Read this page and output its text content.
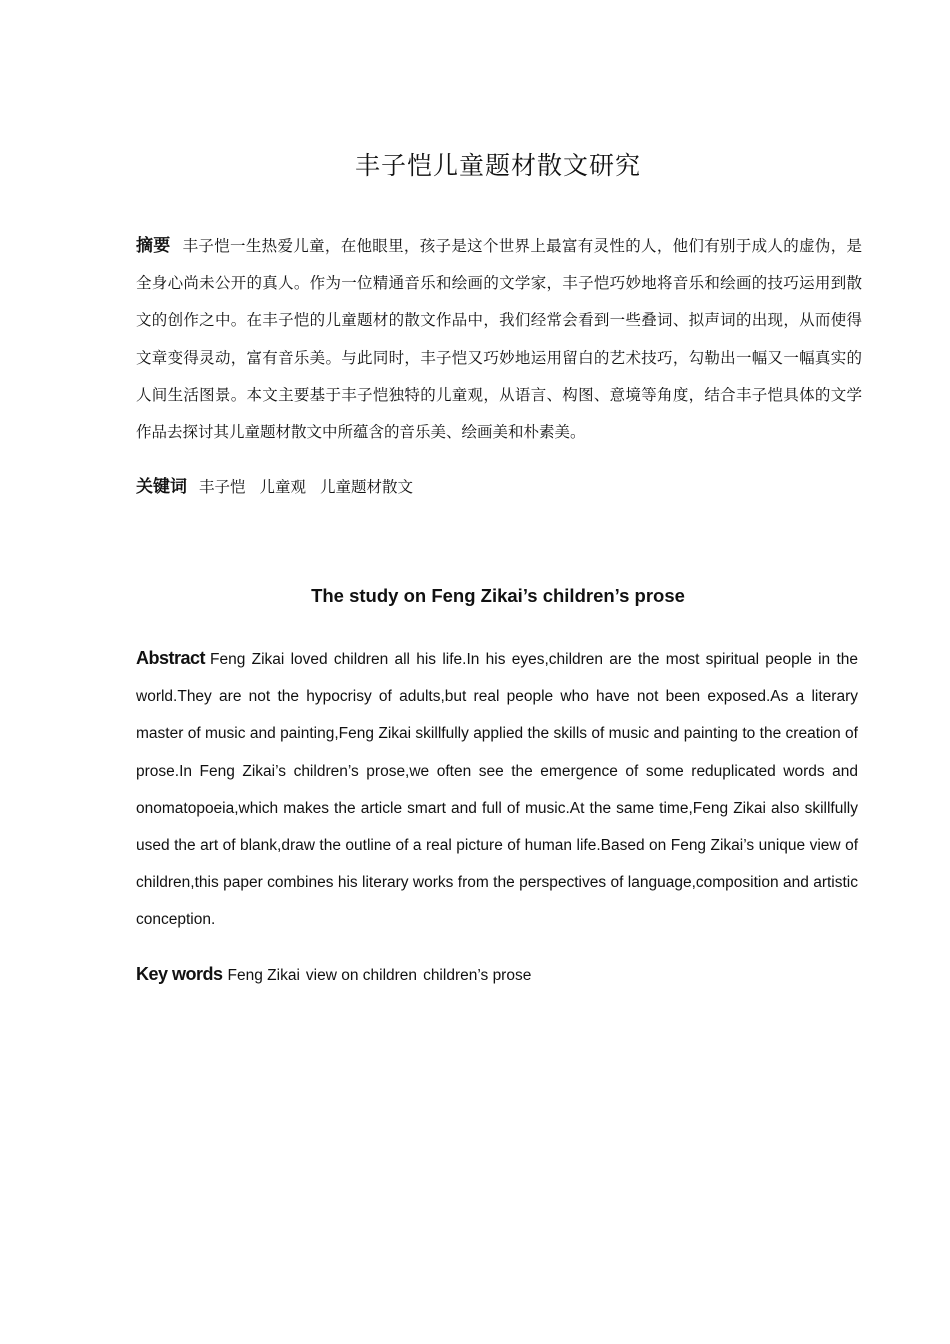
丰子恺儿童题材散文研究

摘要 丰子恺一生热爱儿童，在他眼里，孩子是这个世界上最富有灵性的人，他们有别于成人的虚伪，是全身心尚未公开的真人。作为一位精通音乐和绘画的文学家，丰子恺巧妙地将音乐和绘画的技巧运用到散文的创作之中。在丰子恺的儿童题材的散文作品中，我们经常会看到一些叠词、拟声词的出现，从而使得文章变得灵动，富有音乐美。与此同时，丰子恺又巧妙地运用留白的艺术技巧，勾勒出一幅又一幅真实的人间生活图景。本文主要基于丰子恺独特的儿童观，从语言、构图、意境等角度，结合丰子恺具体的文学作品去探讨其儿童题材散文中所蕴含的音乐美、绘画美和朴素美。

关键词 丰子恺 儿童观 儿童题材散文

The study on Feng Zikai’s children’s prose

Abstract Feng Zikai loved children all his life.In his eyes,children are the most spiritual people in the world.They are not the hypocrisy of adults,but real people who have not been exposed.As a literary master of music and painting,Feng Zikai skillfully applied the skills of music and painting to the creation of prose.In Feng Zikai’s children’s prose,we often see the emergence of some reduplicated words and onomatopoeia,which makes the article smart and full of music.At the same time,Feng Zikai also skillfully used the art of blank,draw the outline of a real picture of human life.Based on Feng Zikai’s unique view of children,this paper combines his literary works from the perspectives of language,composition and artistic conception.

Key words Feng Zikai view on children children’s prose
